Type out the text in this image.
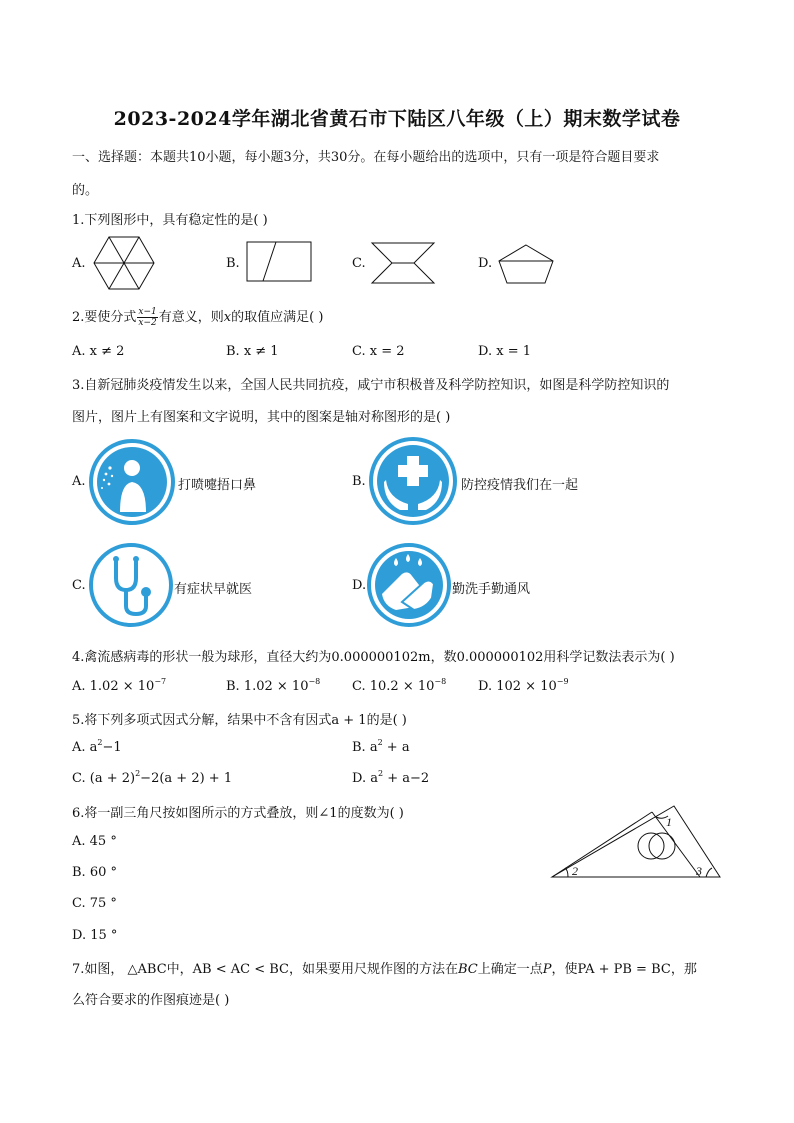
2023-2024学年湖北省黄石市下陆区八年级（上）期末数学试卷
一、选择题：本题共10小题，每小题3分，共30分。在每小题给出的选项中，只有一项是符合题目要求
的。
1.下列图形中，具有稳定性的是( )
A.	B.	C.	D.
2.要使分式 $\frac{x-1}{x-2}$ 有意义，则x的取值应满足( )
A. x ≠ 2	B. x ≠ 1	C. x = 2	D. x = 1
3.自新冠肺炎疫情发生以来，全国人民共同抗疫，咸宁市积极普及科学防控知识，如图是科学防控知识的
图片，图片上有图案和文字说明，其中的图案是轴对称图形的是( )
A.	B.
C.	D.
打喷嚏捂口鼻	防控疫情我们在一起
有症状早就医	勤洗手勤通风
4.禽流感病毒的形状一般为球形，直径大约为0.000000102m，数0.000000102用科学记数法表示为( )
A. $1.02 \times 10^{-7}$	B. $1.02 \times 10^{-8}$ C. $10.2 \times 10^{-8}$ D. $102 \times 10^{-9}$
5.将下列多项式因式分解，结果中不含有因式a + 1的是( )
A. $a^2-1$	B. $a^2 + a$
C. $(a + 2)^2-2(a + 2) + 1$	D. $a^2 + a-2$
6.将一副三角尺按如图所示的方式叠放，则∠1的度数为( )
A. 45 °
B. 60 °
C. 75 °
D. 15 °
2	3
1
7.如图， △ABC中，AB < AC < BC，如果要用尺规作图的方法在BC上确定一点P，使PA + PB = BC，那
么符合要求的作图痕迹是( )
